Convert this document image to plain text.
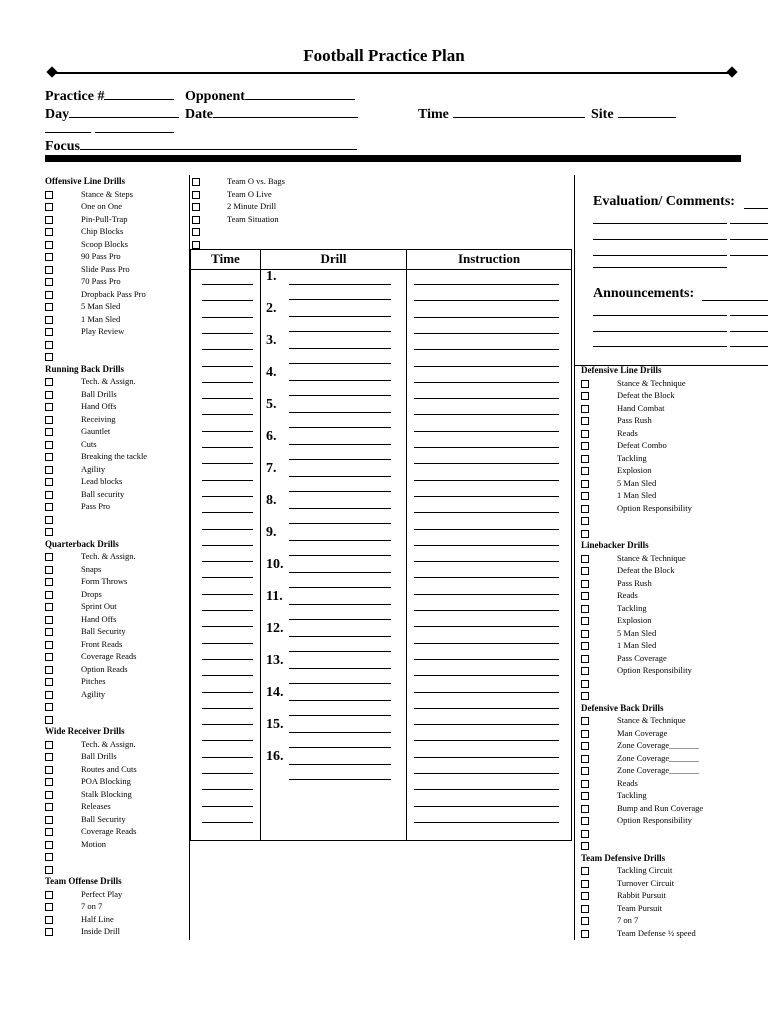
Football Practice Plan
Practice #	Opponent
Day	Date	Time	Site
Focus
Offensive Line Drills
Stance & Steps
One on One
Pin-Pull-Trap
Chip Blocks
Scoop Blocks
90 Pass Pro
Slide Pass Pro
70 Pass Pro
Dropback Pass Pro
5 Man Sled
1 Man Sled
Play Review
Running Back Drills
Tech. & Assign.
Ball Drills
Hand Offs
Receiving
Gauntlet
Cuts
Breaking the tackle
Agility
Lead blocks
Ball security
Pass Pro
Quarterback Drills
Tech. & Assign.
Snaps
Form Throws
Drops
Sprint Out
Hand Offs
Ball Security
Front Reads
Coverage Reads
Option Reads
Pitches
Agility
Wide Receiver Drills
Tech. & Assign.
Ball Drills
Routes and Cuts
POA Blocking
Stalk Blocking
Releases
Ball Security
Coverage Reads
Motion
Team Offense Drills
Perfect Play
7 on 7
Half Line
Inside Drill
Team O vs. Bags
Team O Live
2 Minute Drill
Team Situation
Time	Drill	Instruction
1.
2.
3.
4.
5.
6.
7.
8.
9.
10.
11.
12.
13.
14.
15.
16.
Evaluation/ Comments:
Announcements:
Defensive Line Drills
Stance & Technique
Defeat the Block
Hand Combat
Pass Rush
Reads
Defeat Combo
Tackling
Explosion
5 Man Sled
1 Man Sled
Option Responsibility
Linebacker Drills
Stance & Technique
Defeat the Block
Pass Rush
Reads
Tackling
Explosion
5 Man Sled
1 Man Sled
Pass Coverage
Option Responsibility
Defensive Back Drills
Stance & Technique
Man Coverage
Zone Coverage_______
Zone Coverage_______
Zone Coverage_______
Reads
Tackling
Bump and Run Coverage
Option Responsibility
Team Defensive Drills
Tackling Circuit
Turnover Circuit
Rabbit Pursuit
Team Pursuit
7 on 7
Team Defense ½ speed
